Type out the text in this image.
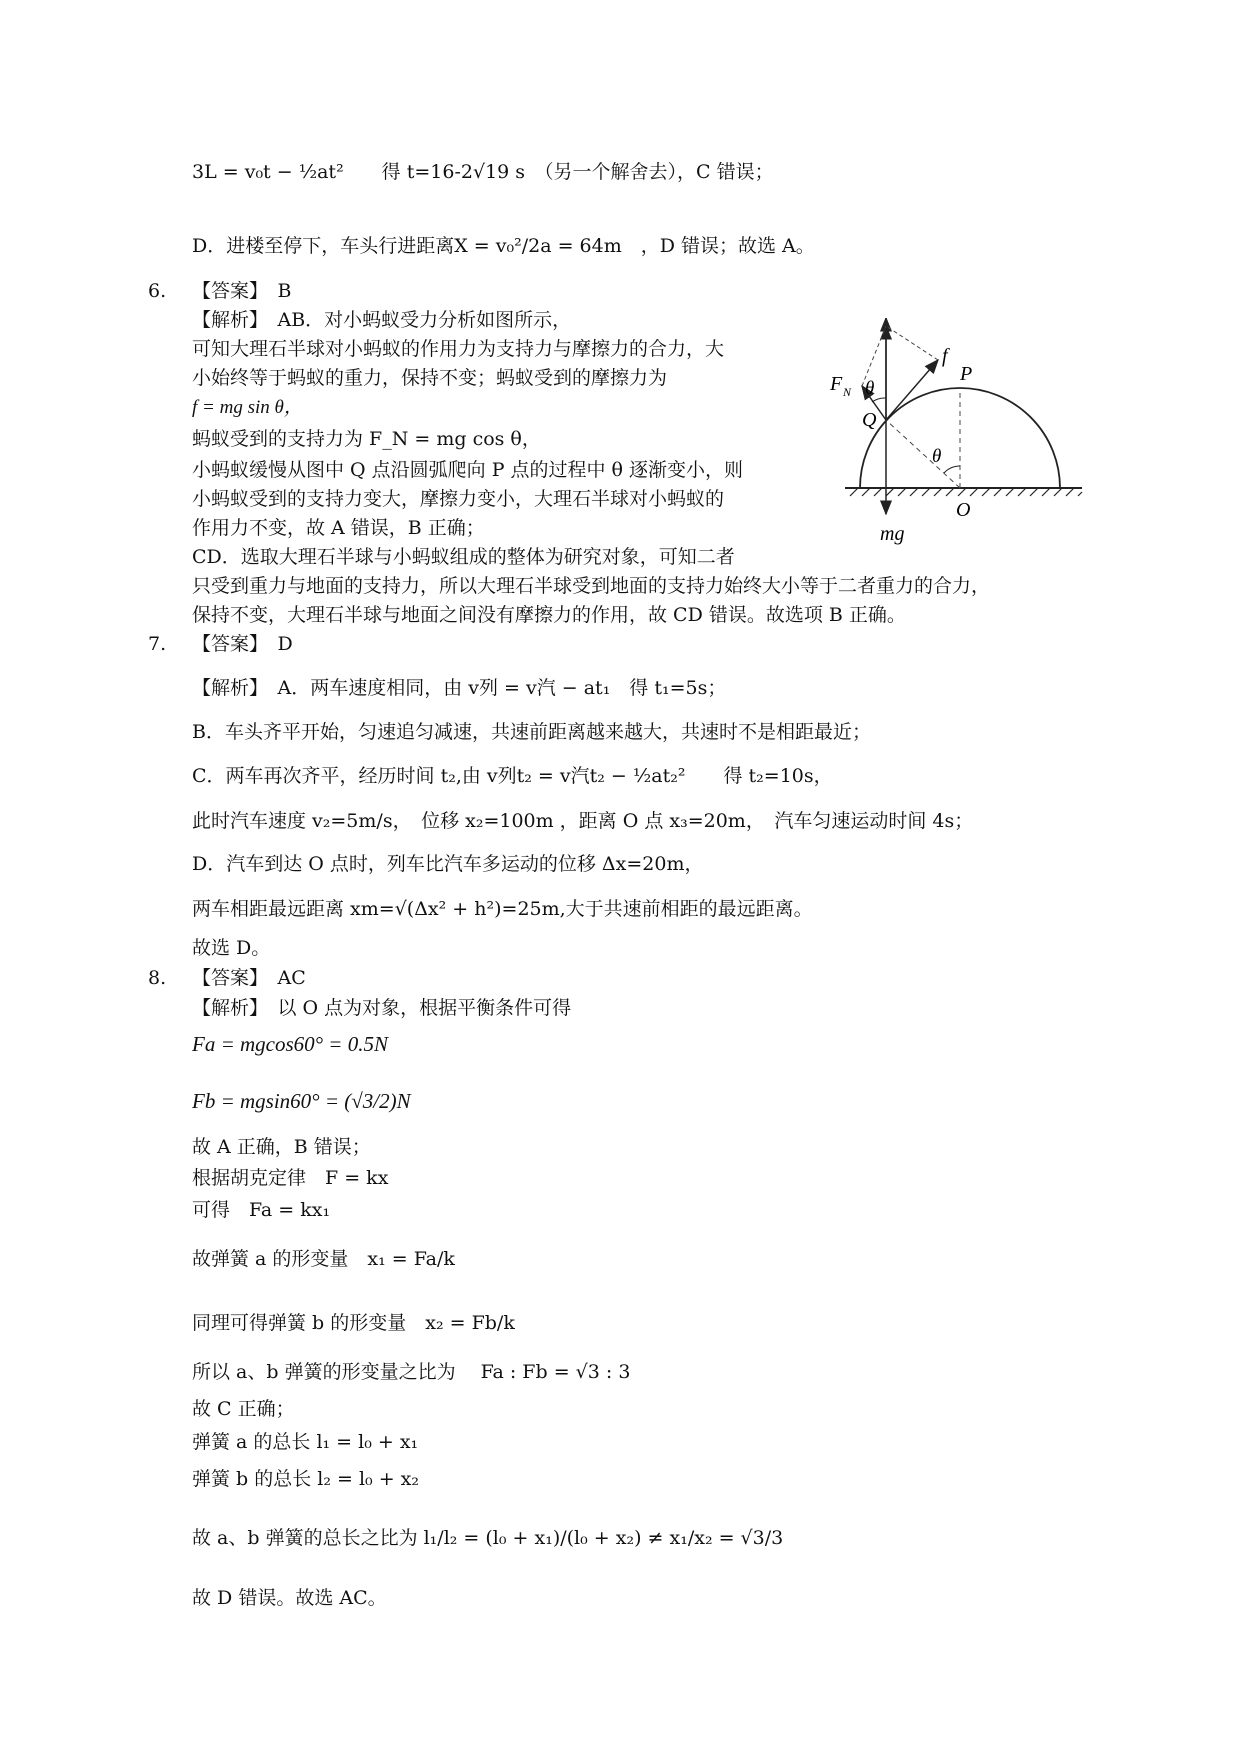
3L = v₀t − ½at²　　得 t=16-2√19 s　（另一个解舍去），C 错误；
D．进楼至停下，车头行进距离X = v₀²/2a = 64m　，D 错误；故选 A。
6. 【答案】　B
【解析】　AB．对小蚂蚁受力分析如图所示，
可知大理石半球对小蚂蚁的作用力为支持力与摩擦力的合力，大
小始终等于蚂蚁的重力，保持不变；蚂蚁受到的摩擦力为
f = mg sin θ，
蚂蚁受到的支持力为 F_N = mg cos θ，
小蚂蚁缓慢从图中 Q 点沿圆弧爬向 P 点的过程中 θ 逐渐变小，则
小蚂蚁受到的支持力变大，摩擦力变小，大理石半球对小蚂蚁的
作用力不变，故 A 错误，B 正确；
CD．选取大理石半球与小蚂蚁组成的整体为研究对象，可知二者
只受到重力与地面的支持力，所以大理石半球受到地面的支持力始终大小等于二者重力的合力，
保持不变，大理石半球与地面之间没有摩擦力的作用，故 CD 错误。故选项 B 正确。
f
P
F N θ
Q
θ
O
mg
7. 【答案】　D
【解析】　A．两车速度相同，由 v列 = v汽 − at₁　得 t₁=5s；
B．车头齐平开始，匀速追匀减速，共速前距离越来越大，共速时不是相距最近；
C．两车再次齐平，经历时间 t₂,由 v列t₂ = v汽t₂ − ½at₂²　　得 t₂=10s，
此时汽车速度 v₂=5m/s，　位移 x₂=100m ，距离 O 点 x₃=20m，　汽车匀速运动时间 4s；
D．汽车到达 O 点时，列车比汽车多运动的位移 Δx=20m，
两车相距最远距离 xm=√(Δx² + h²)=25m,大于共速前相距的最远距离。
故选 D。
8. 【答案】　AC
【解析】　以 O 点为对象，根据平衡条件可得
Fa = mgcos60° = 0.5N
Fb = mgsin60° = (√3/2)N
故 A 正确，B 错误；
根据胡克定律　F = kx
可得　Fa = kx₁
故弹簧 a 的形变量　x₁ = Fa/k
同理可得弹簧 b 的形变量　x₂ = Fb/k
所以 a、b 弹簧的形变量之比为　 Fa : Fb = √3 : 3
故 C 正确；
弹簧 a 的总长 l₁ = l₀ + x₁
弹簧 b 的总长 l₂ = l₀ + x₂
故 a、b 弹簧的总长之比为 l₁/l₂ = (l₀ + x₁)/(l₀ + x₂) ≠ x₁/x₂ = √3/3
故 D 错误。故选 AC。
